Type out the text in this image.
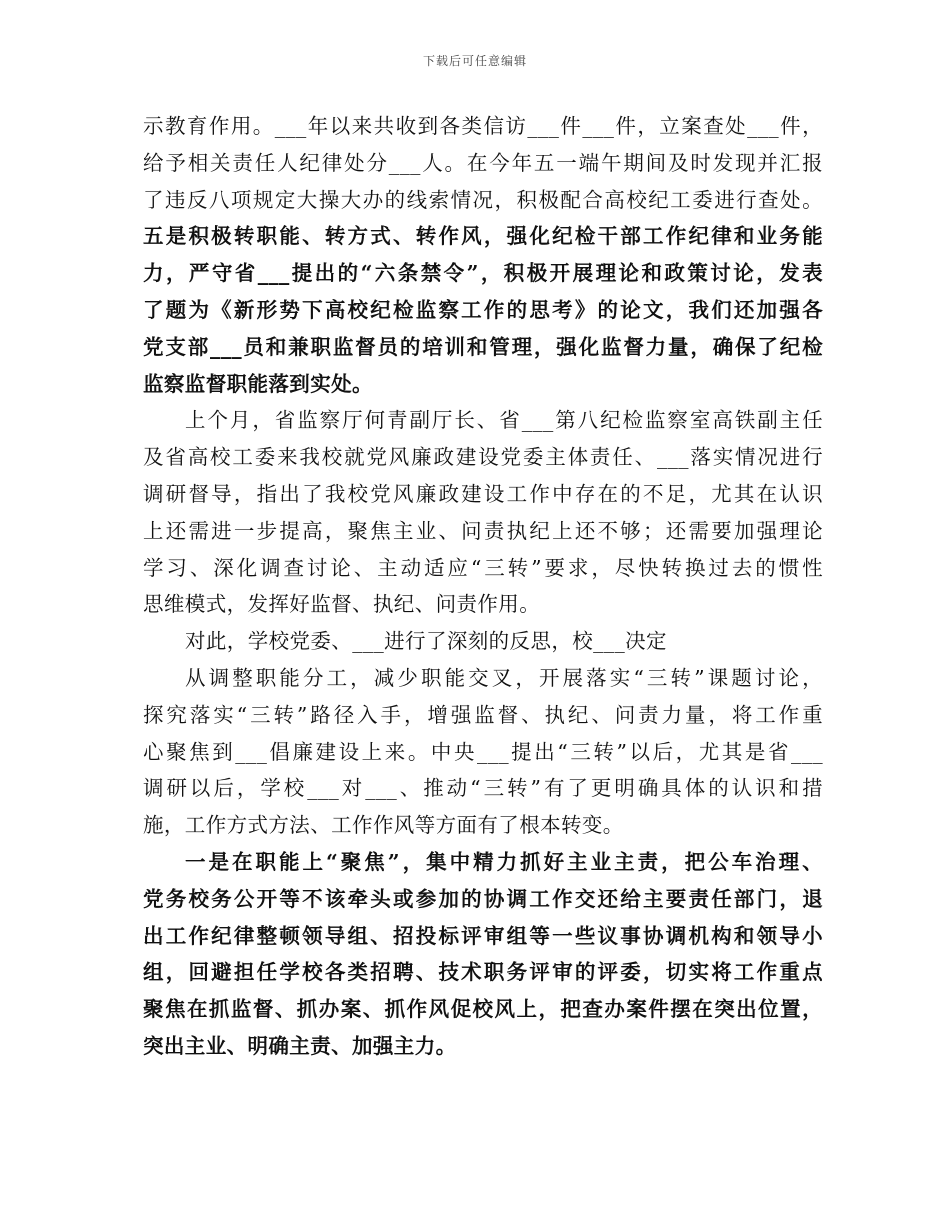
下载后可任意编辑
示教育作用。___年以来共收到各类信访___件___件，立案查处___件，
给予相关责任人纪律处分___人。在今年五一端午期间及时发现并汇报
了违反八项规定大操大办的线索情况，积极配合高校纪工委进行查处。
五是积极转职能、转方式、转作风，强化纪检干部工作纪律和业务能
力，严守省___提出的“六条禁令”，积极开展理论和政策讨论，发表
了题为《新形势下高校纪检监察工作的思考》的论文，我们还加强各
党支部___员和兼职监督员的培训和管理，强化监督力量，确保了纪检
监察监督职能落到实处。
上个月，省监察厅何青副厅长、省___第八纪检监察室高铁副主任
及省高校工委来我校就党风廉政建设党委主体责任、___落实情况进行
调研督导，指出了我校党风廉政建设工作中存在的不足，尤其在认识
上还需进一步提高，聚焦主业、问责执纪上还不够；还需要加强理论
学习、深化调查讨论、主动适应“三转”要求，尽快转换过去的惯性
思维模式，发挥好监督、执纪、问责作用。
对此，学校党委、___进行了深刻的反思，校___决定
从调整职能分工，减少职能交叉，开展落实“三转”课题讨论，
探究落实“三转”路径入手，增强监督、执纪、问责力量，将工作重
心聚焦到___倡廉建设上来。中央___提出“三转”以后，尤其是省___
调研以后，学校___对___、推动“三转”有了更明确具体的认识和措
施，工作方式方法、工作作风等方面有了根本转变。
一是在职能上“聚焦”，集中精力抓好主业主责，把公车治理、
党务校务公开等不该牵头或参加的协调工作交还给主要责任部门，退
出工作纪律整顿领导组、招投标评审组等一些议事协调机构和领导小
组，回避担任学校各类招聘、技术职务评审的评委，切实将工作重点
聚焦在抓监督、抓办案、抓作风促校风上，把查办案件摆在突出位置，
突出主业、明确主责、加强主力。
